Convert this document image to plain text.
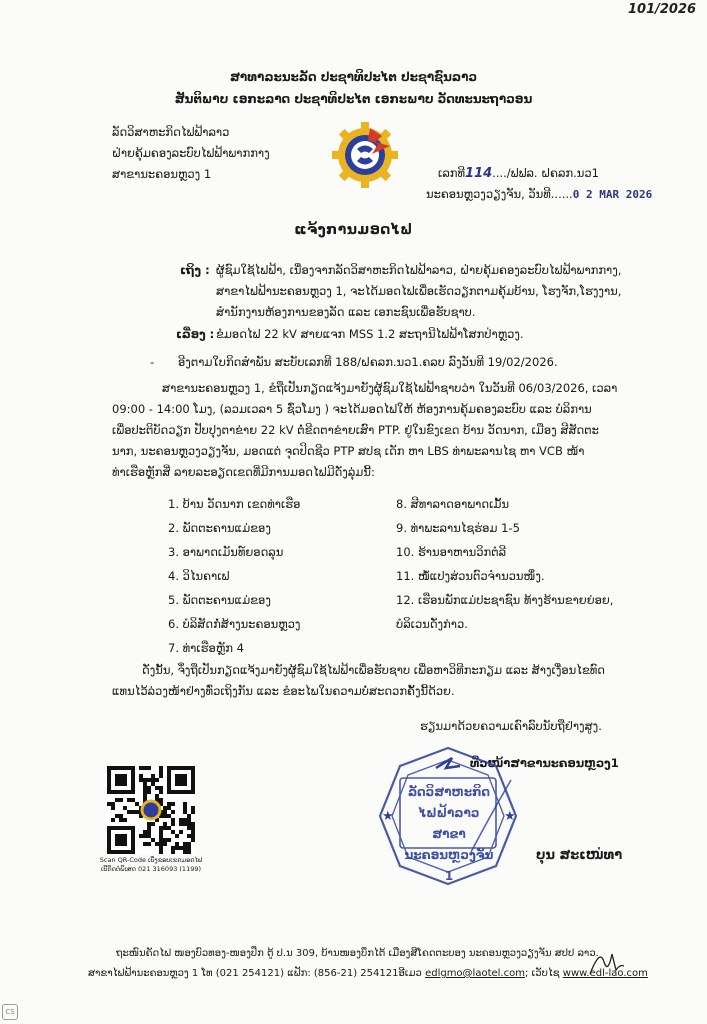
101/2026
ສາທາລະນະລັດ ປະຊາທິປະໄຕ ປະຊາຊົນລາວ
ສັນຕິພາບ ເອກະລາດ ປະຊາທິປະໄຕ ເອກະພາບ ວັດທະນະຖາວອນ
ລັດວິສາຫະກິດໄຟຟ້າລາວ
ຝ່າຍຄຸ້ມຄອງລະບົບໄຟຟ້າພາກກາງ
ສາຂານະຄອນຫຼວງ 1	ເລກທີ114..../ຟຟລ. ຝຄລກ.ນວ1
ນະຄອນຫຼວງວຽງຈັນ, ວັນທີ......0 2 MAR 2026
ແຈ້ງການມອດໄຟ
ເຖິງ : ຜູ້ຊົມໃຊ້ໄຟຟ້າ, ເນື່ອງຈາກລັດວິສາຫະກິດໄຟຟ້າລາວ, ຝ່າຍຄຸ້ມຄອງລະບົບໄຟຟ້າພາກກາງ,
ສາຂາໄຟຟ້ານະຄອນຫຼວງ 1, ຈະໄດ້ມອດໄຟເພື່ອເຮັດວຽກຕາມຄຸ້ມບ້ານ, ໂຮງຈັກ,ໂຮງງານ,
ສຳນັກງານຫ້ອງການຂອງລັດ ແລະ ເອກະຊົນເພື່ອຮັບຊາບ.
ເລື່ອງ : ຂໍມອດໄຟ 22 kV ສາຍແຈກ MSS 1.2 ສະຖານີໄຟຟ້າໂສກປ່າຫຼວງ.
- ອີງຕາມໃບກິດສຳພັນ ສະບັບເລກທີ 188/ຝຄລກ.ນວ1.ຄລບ ລົງວັນທີ 19/02/2026.
ສາຂານະຄອນຫຼວງ 1, ຂໍຖືເປັນກຽດແຈ້ງມາຍັງຜູ້ຊົມໃຊ້ໄຟຟ້າຊາບວ່າ ໃນວັນທີ 06/03/2026, ເວລາ
09:00 - 14:00 ໂມງ, (ລວມເວລາ 5 ຊົ່ວໂມງ ) ຈະໄດ້ມອດໄຟໃຫ້ ຫ້ອງການຄຸ້ມຄອງລະບົບ ແລະ ບໍລິການ
ເພື່ອປະຕິບັດວຽກ ປັບປຸງຕາຂ່າຍ 22 kV ຕໍ່ຂີດຕາຂ່າຍເສົາ PTP. ຢູ່ໃນຂົງເຂດ ບ້ານ ວັດນາກ, ເມືອງ ສີສັດຕະ
ນາກ, ນະຄອນຫຼວງວຽງຈັນ, ມອດແຕ່ ຈຸດປິດຊີວ PTP ສປຊ ເດັກ ຫາ LBS ທ່າພະລານໄຊ ຫາ VCB ໜ້າ
ທ່າເຮືອຫຼັກສີ່ ລາຍລະອຽດເຂດທີ່ມີການມອດໄຟມີດັ່ງລຸ່ມນີ້:
1. ບ້ານ ວັດນາກ ເຂດທ່າເຮືອ
2. ພັດຕະຄານແມ່ຂອງ
3. ອາພາດເມັນທ໌ຍອດລຸນ
4. ວິໄນຄາເຟ
5. ພັດຕະຄານແມ່ຂອງ
6. ບໍລິສັດກໍ່ສ້າງນະຄອນຫຼວງ
7. ທ່າເຮືອຫຼັກ 4
8. ສີທາລາດອາພາດເມັ້ນ
9. ທ່າພະລານໄຊຮ່ອມ 1-5
10. ຮ້ານອາຫານວິກຕໍລີ
11. ໜໍ້ແປງສ່ວນຕົວຈຳນວນໜຶ່ງ.
12. ເຮືອນພັກແມ່ປະຊາຊົນ ທ້າງຮ້ານຂາຍຍ່ອຍ,
ບໍລິເວນດັ່ງກ່າວ.
ດັ່ງນັ້ນ, ຈຶ່ງຖືເປັນກຽດແຈ້ງມາຍັງຜູ້ຊົມໃຊ້ໄຟຟ້າເພື່ອຮັບຊາບ ເພື່ອຫາວິທີກະກຽມ ແລະ ສ້າງເງື່ອນໄຂທົດ
ແທນໄວ້ລ່ວງໜ້າຢ່າງທົ່ວເຖິງກັນ ແລະ ຂໍອະໄພໃນຄວາມບໍ່ສະດວກຄັ້ງນີ້ດ້ວຍ.
ຮຽນມາດ້ວຍຄວາມເຄົາລົບນັບຖືຢ່າງສູງ.
ທີ່ວໜ້າສາຂານະຄອນຫຼວງ1
★	★
ລັດວິສາຫະກິດ
ໄຟຟ້າລາວ ສາຂາ
ນະຄອນຫຼວງຈັນ 1
ບຸນ ສະເໜ່ທາ
Scan QR-Code ເບິ່ງຂອບເຂດມອດໄຟ
ເບີຕິດຕໍ່ພິເສດ 021 316093 (1199)
ຖະໜົນຄັດໄຟ ໜອງບົວທອງ-ໜອງປຶກ ຕູ້ ປ.ນ 309, ບ້ານໜອງບຶກໄຕ້ ເມືອງສີໂຄດຕະບອງ ນະຄອນຫຼວງວຽງຈັນ ສປປ ລາວ.
ສາຂາໄຟຟ້ານະຄອນຫຼວງ 1 ໂທ (021 254121) ແຟັກ: (856-21) 254121ອີເມວ edlgmo@laotel.com; ເວັບໄຊ www.edl-lao.com
CS
